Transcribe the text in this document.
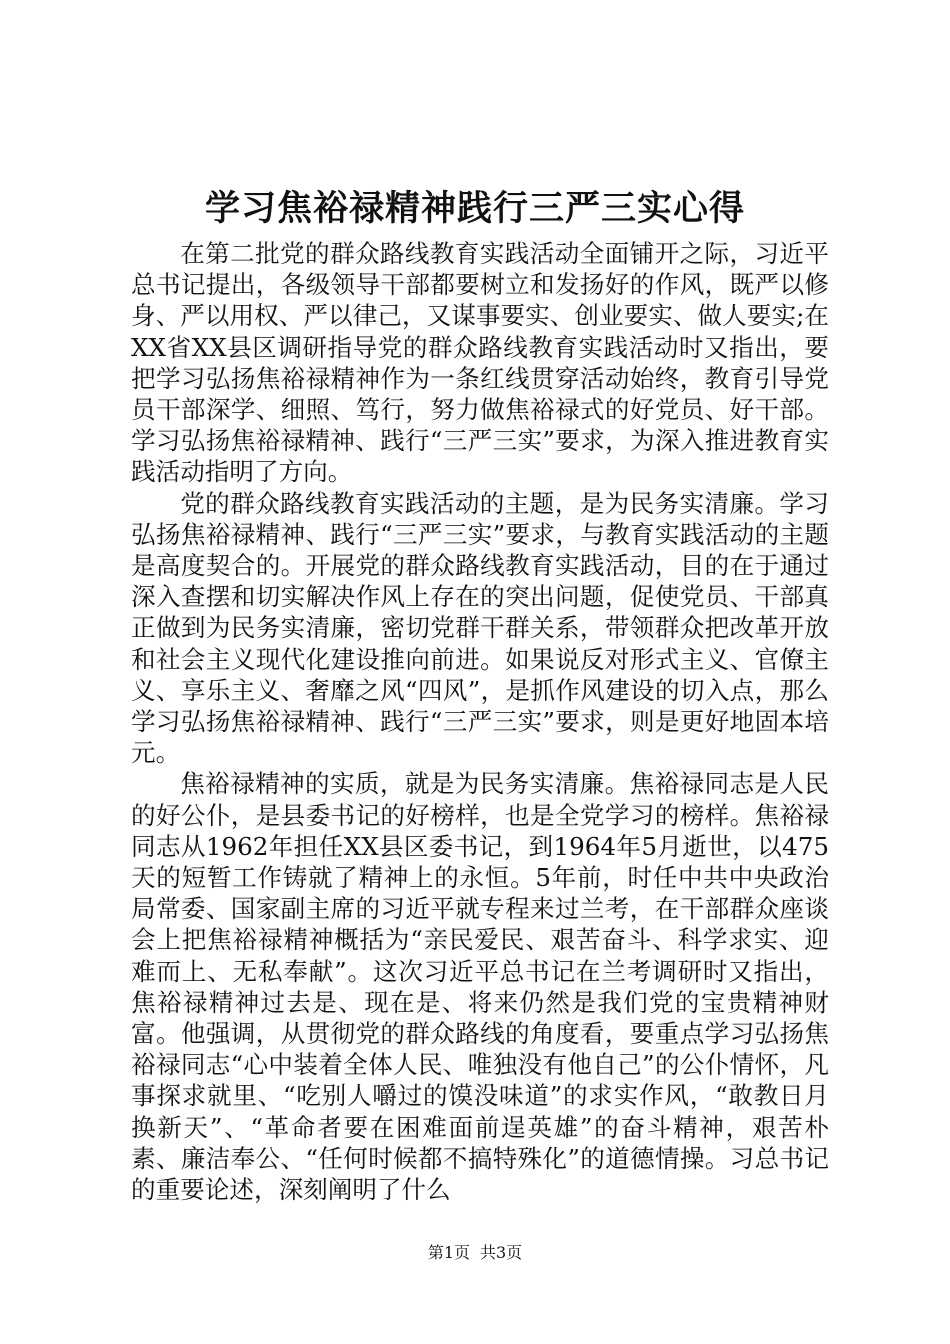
学习焦裕禄精神践行三严三实心得

在第二批党的群众路线教育实践活动全面铺开之际，习近平总书记提出，各级领导干部都要树立和发扬好的作风，既严以修身、严以用权、严以律己，又谋事要实、创业要实、做人要实;在XX省XX县区调研指导党的群众路线教育实践活动时又指出，要把学习弘扬焦裕禄精神作为一条红线贯穿活动始终，教育引导党员干部深学、细照、笃行，努力做焦裕禄式的好党员、好干部。学习弘扬焦裕禄精神、践行“三严三实”要求，为深入推进教育实践活动指明了方向。

党的群众路线教育实践活动的主题，是为民务实清廉。学习弘扬焦裕禄精神、践行“三严三实”要求，与教育实践活动的主题是高度契合的。开展党的群众路线教育实践活动，目的在于通过深入查摆和切实解决作风上存在的突出问题，促使党员、干部真正做到为民务实清廉，密切党群干群关系，带领群众把改革开放和社会主义现代化建设推向前进。如果说反对形式主义、官僚主义、享乐主义、奢靡之风“四风”，是抓作风建设的切入点，那么学习弘扬焦裕禄精神、践行“三严三实”要求，则是更好地固本培元。

焦裕禄精神的实质，就是为民务实清廉。焦裕禄同志是人民的好公仆，是县委书记的好榜样，也是全党学习的榜样。焦裕禄同志从1962年担任XX县区委书记，到1964年5月逝世，以475天的短暂工作铸就了精神上的永恒。5年前，时任中共中央政治局常委、国家副主席的习近平就专程来过兰考，在干部群众座谈会上把焦裕禄精神概括为“亲民爱民、艰苦奋斗、科学求实、迎难而上、无私奉献”。这次习近平总书记在兰考调研时又指出，焦裕禄精神过去是、现在是、将来仍然是我们党的宝贵精神财富。他强调，从贯彻党的群众路线的角度看，要重点学习弘扬焦裕禄同志“心中装着全体人民、唯独没有他自己”的公仆情怀，凡事探求就里、“吃别人嚼过的馍没味道”的求实作风，“敢教日月换新天”、“革命者要在困难面前逞英雄”的奋斗精神，艰苦朴素、廉洁奉公、“任何时候都不搞特殊化”的道德情操。习总书记的重要论述，深刻阐明了什么

第1页 共3页
